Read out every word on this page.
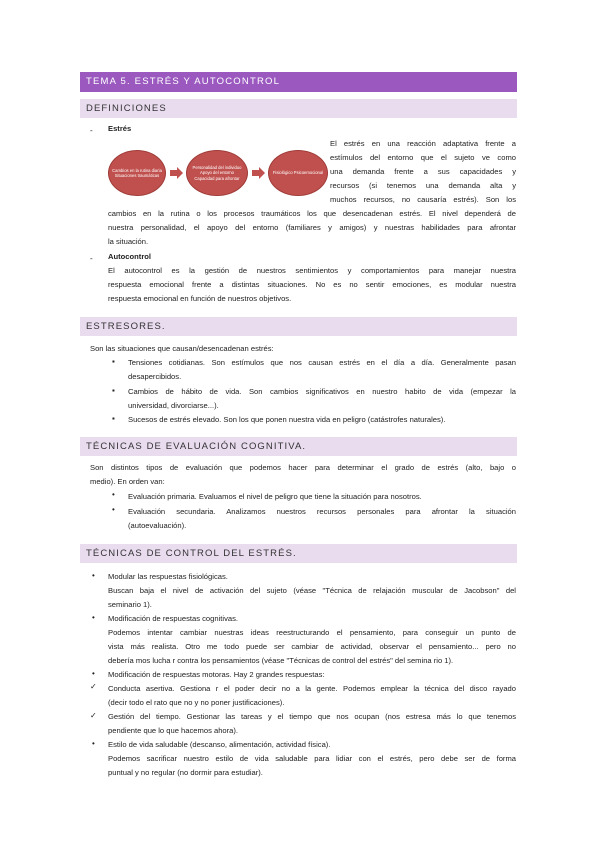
TEMA 5. ESTRÉS Y AUTOCONTROL
DEFINICIONES
- Estrés
Cambios en la rutina diaria Situaciones traumáticas
Personalidad del individuo Apoyo del entorno Capacidad para afrontar
Fisiológico Psicoemocional
El estrés en una reacción adaptativa frente a
estímulos del entorno que el sujeto ve como
una demanda frente a sus capacidades y
recursos (si tenemos una demanda alta y
muchos recursos, no causaría estrés). Son los
cambios en la rutina o los procesos traumáticos los que desencadenan estrés. El nivel dependerá de
nuestra personalidad, el apoyo del entorno (familiares y amigos) y nuestras habilidades para afrontar
la situación.
- Autocontrol
El autocontrol es la gestión de nuestros sentimientos y comportamientos para manejar nuestra
respuesta emocional frente a distintas situaciones. No es no sentir emociones, es modular nuestra
respuesta emocional en función de nuestros objetivos.
ESTRESORES.
Son las situaciones que causan/desencadenan estrés:
▪ Tensiones cotidianas. Son estímulos que nos causan estrés en el día a día. Generalmente pasan
desapercibidos.
▪ Cambios de hábito de vida. Son cambios significativos en nuestro habito de vida (empezar la
universidad, divorciarse...).
▪ Sucesos de estrés elevado. Son los que ponen nuestra vida en peligro (catástrofes naturales).
TÉCNICAS DE EVALUACIÓN COGNITIVA.
Son distintos tipos de evaluación que podemos hacer para determinar el grado de estrés (alto, bajo o
medio). En orden van:
• Evaluación primaria. Evaluamos el nivel de peligro que tiene la situación para nosotros.
• Evaluación secundaria. Analizamos nuestros recursos personales para afrontar la situación
(autoevaluación).
TÉCNICAS DE CONTROL DEL ESTRÉS.
• Modular las respuestas fisiológicas.
Buscan baja el nivel de activación del sujeto (véase "Técnica de relajación muscular de Jacobson" del
seminario 1).
• Modificación de respuestas cognitivas.
Podemos intentar cambiar nuestras ideas reestructurando el pensamiento, para conseguir un punto de
vista más realista. Otro me todo puede ser cambiar de actividad, observar el pensamiento... pero no
debería mos lucha r contra los pensamientos (véase "Técnicas de control del estrés" del semina rio 1).
• Modificación de respuestas motoras. Hay 2 grandes respuestas:
✓ Conducta asertiva. Gestiona r el poder decir no a la gente. Podemos emplear la técnica del disco rayado
(decir todo el rato que no y no poner justificaciones).
✓ Gestión del tiempo. Gestionar las tareas y el tiempo que nos ocupan (nos estresa más lo que tenemos
pendiente que lo que hacemos ahora).
• Estilo de vida saludable (descanso, alimentación, actividad física).
Podemos sacrificar nuestro estilo de vida saludable para lidiar con el estrés, pero debe ser de forma
puntual y no regular (no dormir para estudiar).
